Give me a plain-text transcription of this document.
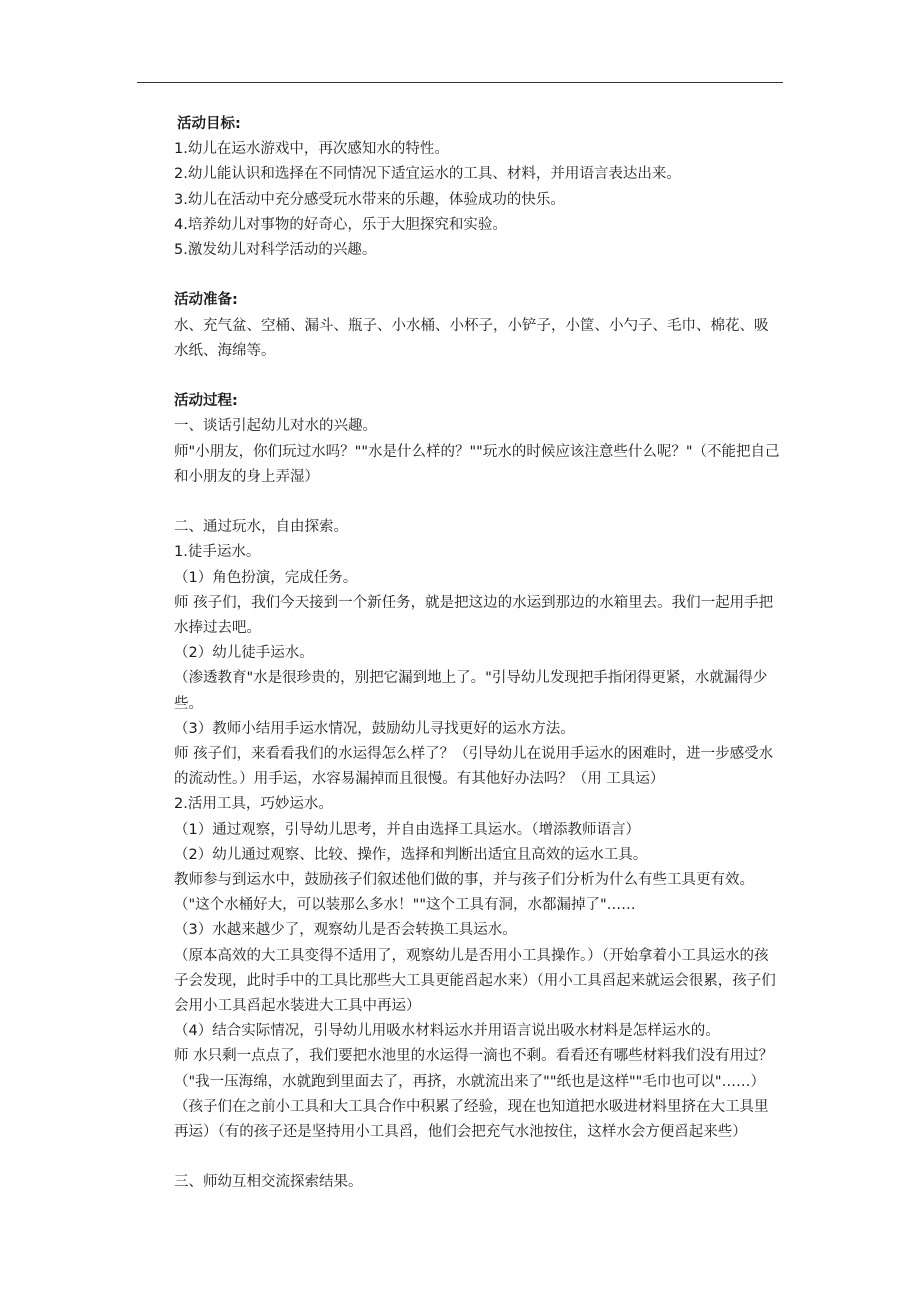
活动目标:

1.幼儿在运水游戏中，再次感知水的特性。

2.幼儿能认识和选择在不同情况下适宜运水的工具、材料，并用语言表达出来。

3.幼儿在活动中充分感受玩水带来的乐趣，体验成功的快乐。

4.培养幼儿对事物的好奇心，乐于大胆探究和实验。

5.激发幼儿对科学活动的兴趣。

活动准备:

水、充气盆、空桶、漏斗、瓶子、小水桶、小杯子，小铲子，小筐、小勺子、毛巾、棉花、吸水纸、海绵等。

活动过程:

一、谈话引起幼儿对水的兴趣。

师"小朋友，你们玩过水吗？""水是什么样的？""玩水的时候应该注意些什么呢？"（不能把自己和小朋友的身上弄湿）

二、通过玩水，自由探索。

1.徒手运水。

（1）角色扮演，完成任务。

师 孩子们，我们今天接到一个新任务，就是把这边的水运到那边的水箱里去。我们一起用手把水捧过去吧。

（2）幼儿徒手运水。

（渗透教育"水是很珍贵的，别把它漏到地上了。"引导幼儿发现把手指闭得更紧，水就漏得少些。

（3）教师小结用手运水情况，鼓励幼儿寻找更好的运水方法。

师 孩子们，来看看我们的水运得怎么样了？（引导幼儿在说用手运水的困难时，进一步感受水的流动性。）用手运，水容易漏掉而且很慢。有其他好办法吗？（用 工具运）

2.活用工具，巧妙运水。

（1）通过观察，引导幼儿思考，并自由选择工具运水。（增添教师语言）

（2）幼儿通过观察、比较、操作，选择和判断出适宜且高效的运水工具。

教师参与到运水中，鼓励孩子们叙述他们做的事，并与孩子们分析为什么有些工具更有效。（"这个水桶好大，可以装那么多水！""这个工具有洞，水都漏掉了"……

（3）水越来越少了，观察幼儿是否会转换工具运水。

（原本高效的大工具变得不适用了，观察幼儿是否用小工具操作。）（开始拿着小工具运水的孩子会发现，此时手中的工具比那些大工具更能舀起水来）（用小工具舀起来就运会很累，孩子们会用小工具舀起水装进大工具中再运）

（4）结合实际情况，引导幼儿用吸水材料运水并用语言说出吸水材料是怎样运水的。

师 水只剩一点点了，我们要把水池里的水运得一滴也不剩。看看还有哪些材料我们没有用过？

（"我一压海绵，水就跑到里面去了，再挤，水就流出来了""纸也是这样""毛巾也可以"……）（孩子们在之前小工具和大工具合作中积累了经验，现在也知道把水吸进材料里挤在大工具里再运）（有的孩子还是坚持用小工具舀，他们会把充气水池按住，这样水会方便舀起来些）

三、师幼互相交流探索结果。
